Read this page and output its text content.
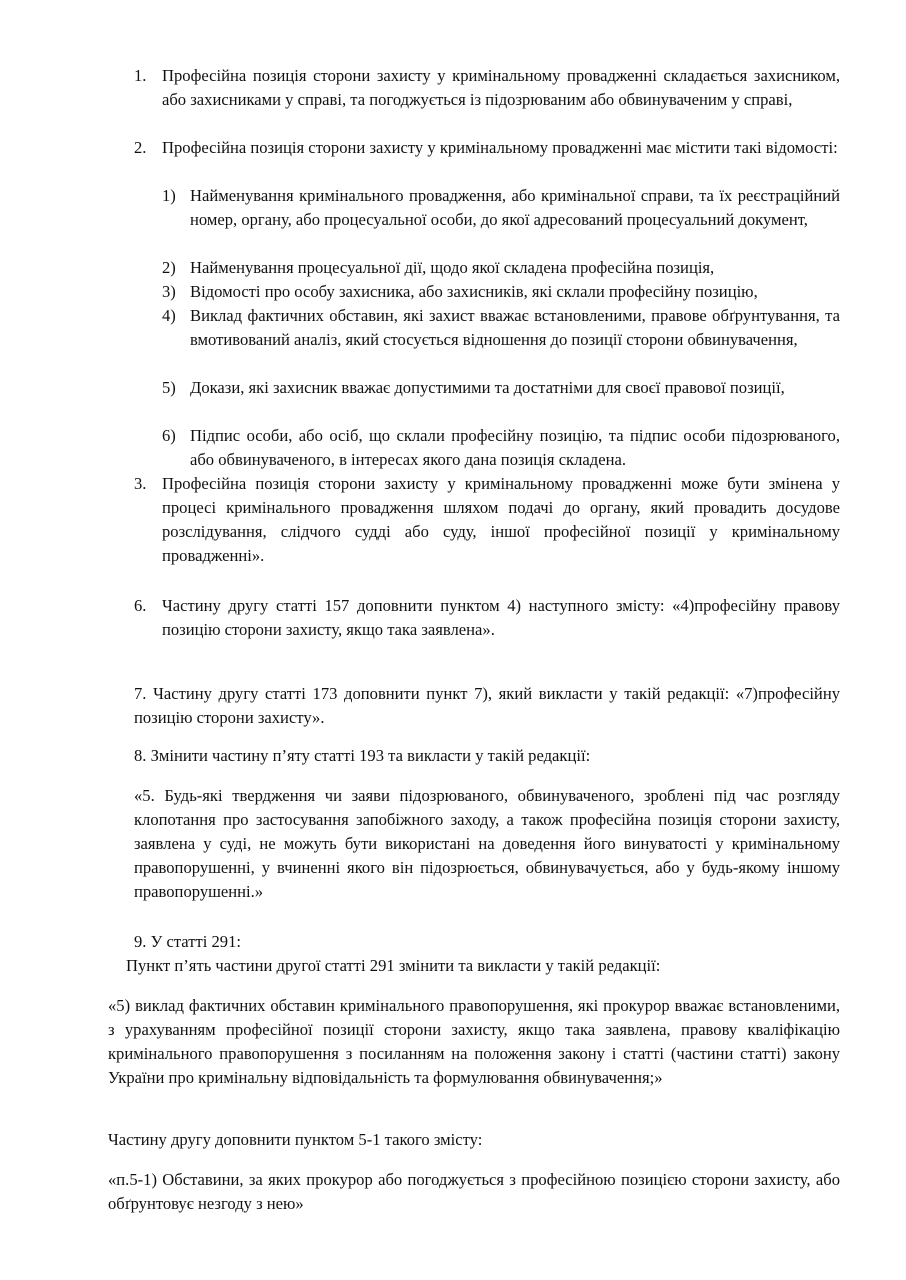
1. Професійна позиція сторони захисту у кримінальному провадженні складається захисником, або захисниками у справі, та погоджується із підозрюваним або обвинуваченим у справі,

2. Професійна позиція сторони захисту у кримінальному провадженні має містити такі відомості:

1) Найменування кримінального провадження, або кримінальної справи, та їх реєстраційний номер, органу, або процесуальної особи, до якої адресований процесуальний документ,

2) Найменування процесуальної дії, щодо якої складена професійна позиція,

3) Відомості про особу захисника, або захисників, які склали професійну позицію,

4) Виклад фактичних обставин, які захист вважає встановленими, правове обґрунтування, та вмотивований аналіз, який стосується відношення до позиції сторони обвинувачення,

5) Докази, які захисник вважає допустимими та достатніми для своєї правової позиції,

6) Підпис особи, або осіб, що склали професійну позицію, та підпис особи підозрюваного, або обвинуваченого, в інтересах якого дана позиція складена.

3. Професійна позиція сторони захисту у кримінальному провадженні може бути змінена у процесі кримінального провадження шляхом подачі до органу, який провадить досудове розслідування, слідчого судді або суду, іншої професійної позиції у кримінальному провадженні».

6. Частину другу статті 157 доповнити пунктом 4) наступного змісту: «4)професійну правову позицію сторони захисту, якщо така заявлена».

7. Частину другу статті 173 доповнити пункт 7), який викласти у такій редакції: «7)професійну позицію сторони захисту».

8. Змінити частину п’яту статті 193 та викласти у такій редакції:

«5. Будь-які твердження чи заяви підозрюваного, обвинуваченого, зроблені під час розгляду клопотання про застосування запобіжного заходу, а також професійна позиція сторони захисту, заявлена у суді, не можуть бути використані на доведення його винуватості у кримінальному правопорушенні, у вчиненні якого він підозрюється, обвинувачується, або у будь-якому іншому правопорушенні.»

9. У статті 291:

Пункт п’ять частини другої статті 291 змінити та викласти у такій редакції:

«5) виклад фактичних обставин кримінального правопорушення, які прокурор вважає встановленими, з урахуванням професійної позиції сторони захисту, якщо така заявлена, правову кваліфікацію кримінального правопорушення з посиланням на положення закону і статті (частини статті) закону України про кримінальну відповідальність та формулювання обвинувачення;»

Частину другу доповнити пунктом 5-1 такого змісту:

«п.5-1) Обставини, за яких прокурор або погоджується з професійною позицією сторони захисту, або обґрунтовує незгоду з нею»
